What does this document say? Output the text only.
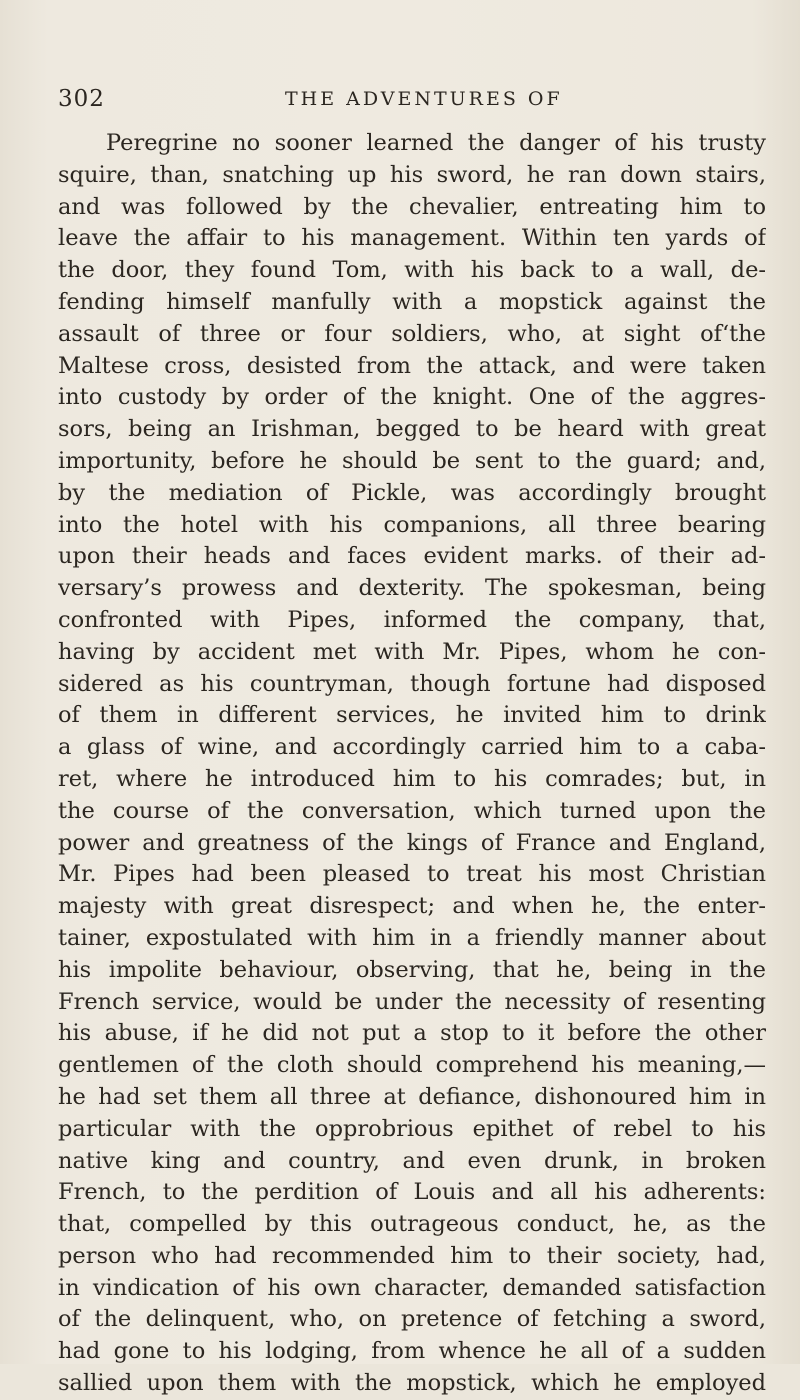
302	THE ADVENTURES OF
Peregrine no sooner learned the danger of his trusty
squire, than, snatching up his sword, he ran down stairs,
and was followed by the chevalier, entreating him to
leave the affair to his management. Within ten yards of
the door, they found Tom, with his back to a wall, de-
fending himself manfully with a mopstick against the
assault of three or four soldiers, who, at sight of‘the
Maltese cross, desisted from the attack, and were taken
into custody by order of the knight. One of the aggres-
sors, being an Irishman, begged to be heard with great
importunity, before he should be sent to the guard; and,
by the mediation of Pickle, was accordingly brought
into the hotel with his companions, all three bearing
upon their heads and faces evident marks. of their ad-
versary’s prowess and dexterity. The spokesman, being
confronted with Pipes, informed the company, that,
having by accident met with Mr. Pipes, whom he con-
sidered as his countryman, though fortune had disposed
of them in different services, he invited him to drink
a glass of wine, and accordingly carried him to a caba-
ret, where he introduced him to his comrades; but, in
the course of the conversation, which turned upon the
power and greatness of the kings of France and England,
Mr. Pipes had been pleased to treat his most Christian
majesty with great disrespect; and when he, the enter-
tainer, expostulated with him in a friendly manner about
his impolite behaviour, observing, that he, being in the
French service, would be under the necessity of resenting
his abuse, if he did not put a stop to it before the other
gentlemen of the cloth should comprehend his meaning,—
he had set them all three at defiance, dishonoured him in
particular with the opprobrious epithet of rebel to his
native king and country, and even drunk, in broken
French, to the perdition of Louis and all his adherents:
that, compelled by this outrageous conduct, he, as the
person who had recommended him to their society, had,
in vindication of his own character, demanded satisfaction
of the delinquent, who, on pretence of fetching a sword,
had gone to his lodging, from whence he all of a sudden
sallied upon them with the mopstick, which he employed
